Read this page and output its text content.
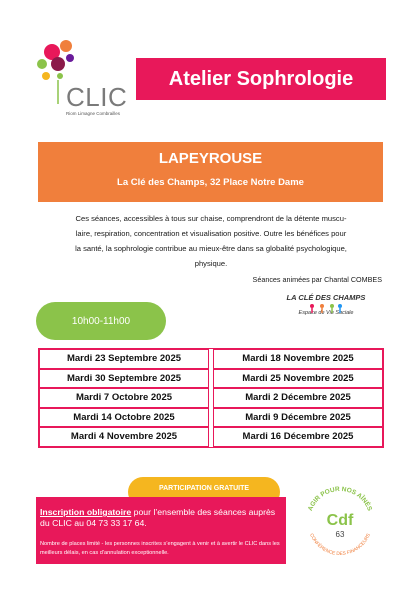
CLIC
Riom Limagne Combrailles
Atelier Sophrologie
LAPEYROUSE
La Clé des Champs, 32 Place Notre Dame
Ces séances, accessibles à tous sur chaise, comprendront de la détente muscu-
laire, respiration, concentration et visualisation positive. Outre les bénéfices pour
la santé, la sophrologie contribue au mieux-être dans sa globalité psychologique,
physique.
Séances animées par Chantal COMBES
LA CLÉ DES CHAMPS
Espace de Vie Sociale
10h00-11h00
Mardi 23 Septembre 2025	Mardi 18 Novembre 2025
Mardi 30 Septembre 2025	Mardi 25 Novembre 2025
Mardi 7 Octobre 2025	Mardi 2 Décembre 2025
Mardi 14 Octobre 2025	Mardi 9 Décembre 2025
Mardi 4 Novembre 2025	Mardi 16 Décembre 2025
PARTICIPATION GRATUITE
Inscription obligatoire pour l’ensemble des séances auprès du CLIC au 04 73 33 17 64.
Nombre de places limité - les personnes inscrites s’engagent à venir et à avertir le CLIC dans les meilleurs délais, en cas d’annulation exceptionnelle.
AGIR POUR NOS AÎNÉS
CONFÉRENCE DES FINANCEURS
Cdf
63
